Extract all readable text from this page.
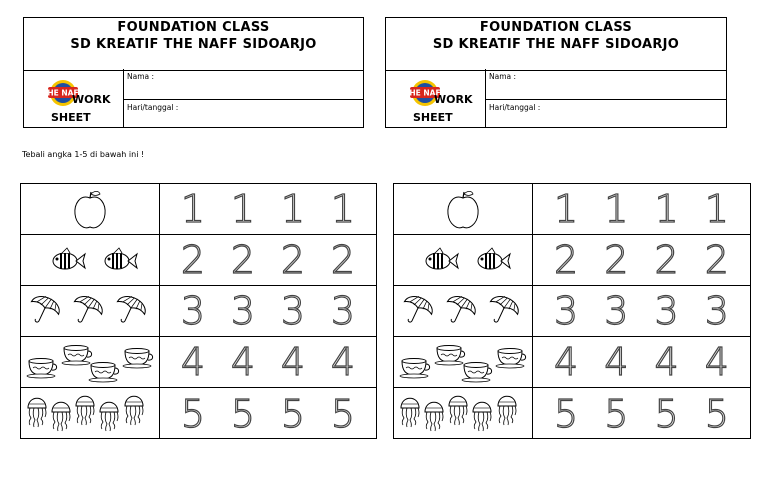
FOUNDATION CLASS
SD KREATIF THE NAFF SIDOARJO
THE NAFF
WORK
SHEET
Nama :
Hari/tanggal :
FOUNDATION CLASS
SD KREATIF THE NAFF SIDOARJO
THE NAFF
WORK
SHEET
Nama :
Hari/tanggal :
Tebali angka 1-5 di bawah ini !
1 1 1 1
2 2 2 2
3 3 3 3
4 4 4 4
5 5 5 5
1 1 1 1
2 2 2 2
3 3 3 3
4 4 4 4
5 5 5 5
